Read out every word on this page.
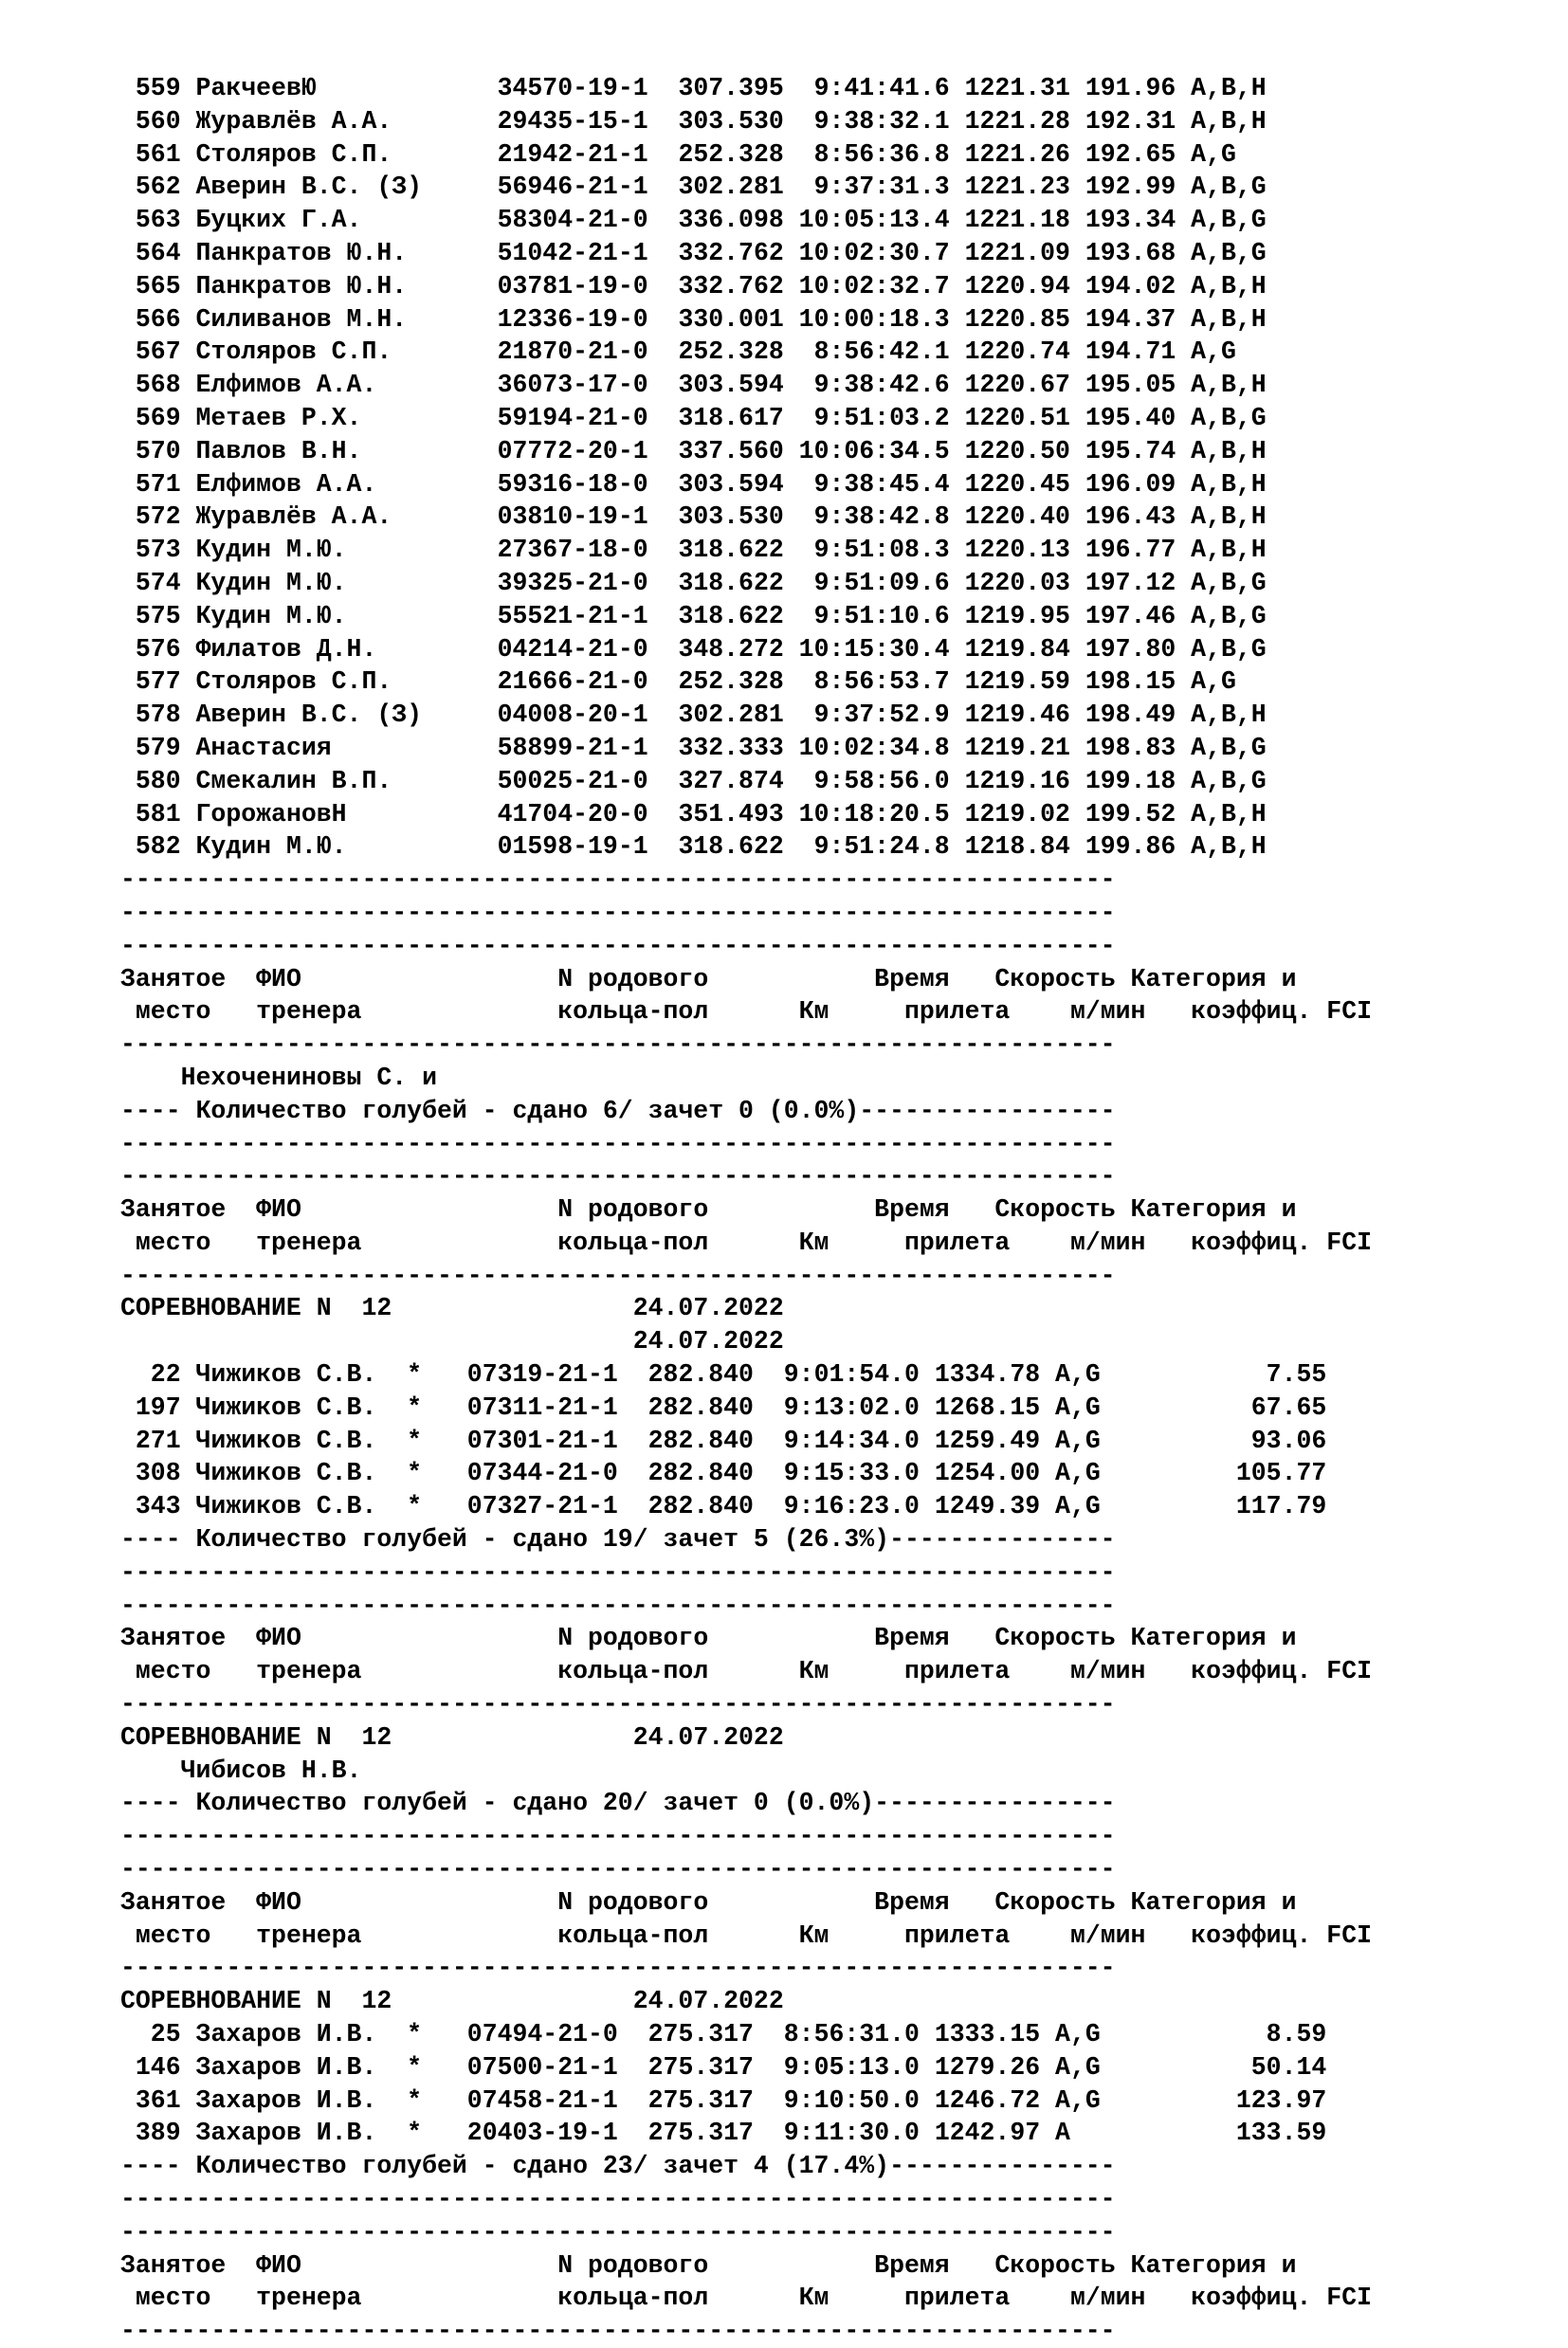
559 РакчеевЮ            34570-19-1 307.395  9:41:41.6 1221.31 191.96 A,B,H
560 Журавлёв А.А.       29435-15-1 303.530  9:38:32.1 1221.28 192.31 A,B,H
561 Столяров С.П.       21942-21-1 252.328  8:56:36.8 1221.26 192.65 A,G
562 Аверин В.С. (З)     56946-21-1 302.281  9:37:31.3 1221.23 192.99 A,B,G
563 Буцких Г.А.         58304-21-0 336.098 10:05:13.4 1221.18 193.34 A,B,G
564 Панкратов Ю.Н.      51042-21-1 332.762 10:02:30.7 1221.09 193.68 A,B,G
565 Панкратов Ю.Н.      03781-19-0 332.762 10:02:32.7 1220.94 194.02 A,B,H
566 Силиванов М.Н.      12336-19-0 330.001 10:00:18.3 1220.85 194.37 A,B,H
567 Столяров С.П.       21870-21-0 252.328  8:56:42.1 1220.74 194.71 A,G
568 Елфимов А.А.        36073-17-0 303.594  9:38:42.6 1220.67 195.05 A,B,H
569 Метаев Р.Х.         59194-21-0 318.617  9:51:03.2 1220.51 195.40 A,B,G
570 Павлов В.Н.         07772-20-1 337.560 10:06:34.5 1220.50 195.74 A,B,H
571 Елфимов А.А.        59316-18-0 303.594  9:38:45.4 1220.45 196.09 A,B,H
572 Журавлёв А.А.       03810-19-1 303.530  9:38:42.8 1220.40 196.43 A,B,H
573 Кудин М.Ю.          27367-18-0 318.622  9:51:08.3 1220.13 196.77 A,B,H
574 Кудин М.Ю.          39325-21-0 318.622  9:51:09.6 1220.03 197.12 A,B,G
575 Кудин М.Ю.          55521-21-1 318.622  9:51:10.6 1219.95 197.46 A,B,G
576 Филатов Д.Н.        04214-21-0 348.272 10:15:30.4 1219.84 197.80 A,B,G
577 Столяров С.П.       21666-21-0 252.328  8:56:53.7 1219.59 198.15 A,G
578 Аверин В.С. (З)     04008-20-1 302.281  9:37:52.9 1219.46 198.49 A,B,H
579 Анастасия           58899-21-1 332.333 10:02:34.8 1219.21 198.83 A,B,G
580 Смекалин В.П.       50025-21-0 327.874  9:58:56.0 1219.16 199.18 A,B,G
581 ГорожановН          41704-20-0 351.493 10:18:20.5 1219.02 199.52 A,B,H
582 Кудин М.Ю.          01598-19-1 318.622  9:51:24.8 1218.84 199.86 A,B,H
------------------------------------------------------------------
------------------------------------------------------------------
------------------------------------------------------------------
Занятое  ФИО                 N родового	Время Скорость Категория и
место   тренера             кольца-пол	Км	прилета м/мин коэффиц. FCI
------------------------------------------------------------------
Нехочениновы С. и
---- Количество голубей - сдано 6/ зачет 0 (0.0%)-----------------
------------------------------------------------------------------
------------------------------------------------------------------
Занятое  ФИО                 N родового	Время Скорость Категория и
место   тренера             кольца-пол	Км	прилета м/мин коэффиц. FCI
------------------------------------------------------------------
СОРЕВНОВАНИЕ N  12                24.07.2022
24.07.2022
22 Чижиков С.В.  * 07319-21-1 282.840  9:01:54.0 1334.78 A,G           7.55
197 Чижиков С.В.  * 07311-21-1 282.840  9:13:02.0 1268.15 A,G          67.65
271 Чижиков С.В.  * 07301-21-1 282.840  9:14:34.0 1259.49 A,G          93.06
308 Чижиков С.В.  * 07344-21-0 282.840  9:15:33.0 1254.00 A,G         105.77
343 Чижиков С.В.  * 07327-21-1 282.840  9:16:23.0 1249.39 A,G         117.79
---- Количество голубей - сдано 19/ зачет 5 (26.3%)---------------
------------------------------------------------------------------
------------------------------------------------------------------
Занятое  ФИО                 N родового	Время Скорость Категория и
место   тренера             кольца-пол	Км	прилета м/мин коэффиц. FCI
------------------------------------------------------------------
СОРЕВНОВАНИЕ N  12                24.07.2022
Чибисов Н.В.
---- Количество голубей - сдано 20/ зачет 0 (0.0%)----------------
------------------------------------------------------------------
------------------------------------------------------------------
Занятое  ФИО                 N родового	Время Скорость Категория и
место   тренера             кольца-пол	Км	прилета м/мин коэффиц. FCI
------------------------------------------------------------------
СОРЕВНОВАНИЕ N  12                24.07.2022
25 Захаров И.В.  * 07494-21-0 275.317  8:56:31.0 1333.15 A,G           8.59
146 Захаров И.В.  * 07500-21-1 275.317  9:05:13.0 1279.26 A,G          50.14
361 Захаров И.В.  * 07458-21-1 275.317  9:10:50.0 1246.72 A,G         123.97
389 Захаров И.В.  * 20403-19-1 275.317  9:11:30.0 1242.97 A           133.59
---- Количество голубей - сдано 23/ зачет 4 (17.4%)---------------
------------------------------------------------------------------
------------------------------------------------------------------
Занятое  ФИО                 N родового	Время Скорость Категория и
место   тренера             кольца-пол	Км	прилета м/мин коэффиц. FCI
------------------------------------------------------------------
